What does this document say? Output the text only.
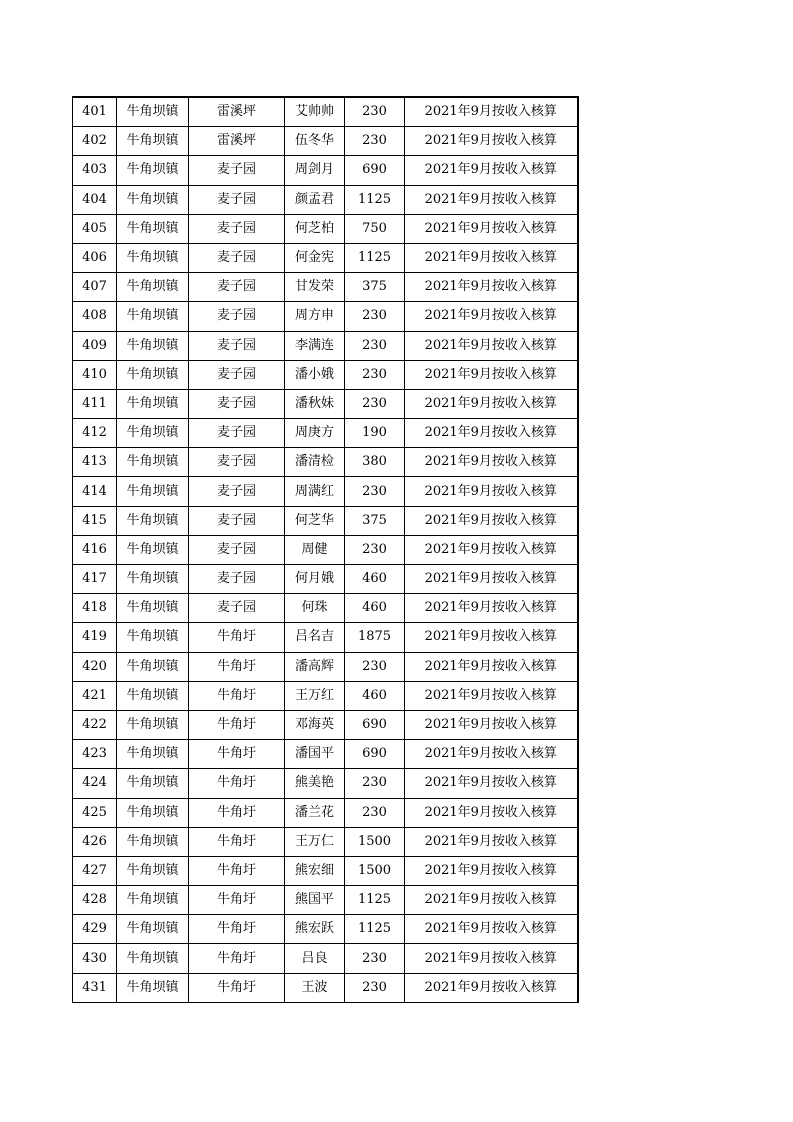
401	牛角坝镇	雷溪坪	艾帅帅	230	2021年9月按收入核算
402	牛角坝镇	雷溪坪	伍冬华	230	2021年9月按收入核算
403	牛角坝镇	麦子园	周剑月	690	2021年9月按收入核算
404	牛角坝镇	麦子园	颜孟君	1125	2021年9月按收入核算
405	牛角坝镇	麦子园	何芝柏	750	2021年9月按收入核算
406	牛角坝镇	麦子园	何金宪	1125	2021年9月按收入核算
407	牛角坝镇	麦子园	甘发荣	375	2021年9月按收入核算
408	牛角坝镇	麦子园	周方申	230	2021年9月按收入核算
409	牛角坝镇	麦子园	李满连	230	2021年9月按收入核算
410	牛角坝镇	麦子园	潘小娥	230	2021年9月按收入核算
411	牛角坝镇	麦子园	潘秋妹	230	2021年9月按收入核算
412	牛角坝镇	麦子园	周庚方	190	2021年9月按收入核算
413	牛角坝镇	麦子园	潘清检	380	2021年9月按收入核算
414	牛角坝镇	麦子园	周满红	230	2021年9月按收入核算
415	牛角坝镇	麦子园	何芝华	375	2021年9月按收入核算
416	牛角坝镇	麦子园	周健	230	2021年9月按收入核算
417	牛角坝镇	麦子园	何月娥	460	2021年9月按收入核算
418	牛角坝镇	麦子园	何珠	460	2021年9月按收入核算
419	牛角坝镇	牛角圩	吕名吉	1875	2021年9月按收入核算
420	牛角坝镇	牛角圩	潘高辉	230	2021年9月按收入核算
421	牛角坝镇	牛角圩	王万红	460	2021年9月按收入核算
422	牛角坝镇	牛角圩	邓海英	690	2021年9月按收入核算
423	牛角坝镇	牛角圩	潘国平	690	2021年9月按收入核算
424	牛角坝镇	牛角圩	熊美艳	230	2021年9月按收入核算
425	牛角坝镇	牛角圩	潘兰花	230	2021年9月按收入核算
426	牛角坝镇	牛角圩	王万仁	1500	2021年9月按收入核算
427	牛角坝镇	牛角圩	熊宏细	1500	2021年9月按收入核算
428	牛角坝镇	牛角圩	熊国平	1125	2021年9月按收入核算
429	牛角坝镇	牛角圩	熊宏跃	1125	2021年9月按收入核算
430	牛角坝镇	牛角圩	吕良	230	2021年9月按收入核算
431	牛角坝镇	牛角圩	王波	230	2021年9月按收入核算
